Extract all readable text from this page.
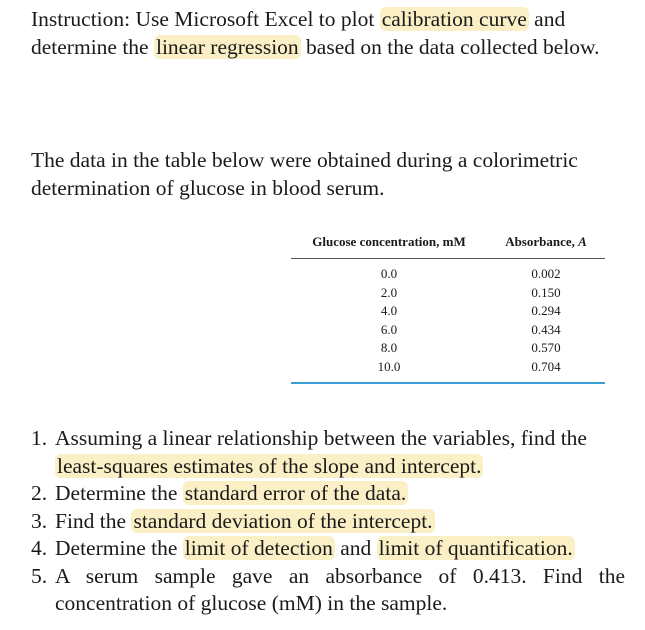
Instruction: Use Microsoft Excel to plot calibration curve and determine the linear regression based on the data collected below.
The data in the table below were obtained during a colorimetric determination of glucose in blood serum.
Glucose concentration, mM	Absorbance, A
0.0	0.002
2.0	0.150
4.0	0.294
6.0	0.434
8.0	0.570
10.0	0.704
1. Assuming a linear relationship between the variables, find the least-squares estimates of the slope and intercept.
2. Determine the standard error of the data.
3. Find the standard deviation of the intercept.
4. Determine the limit of detection and limit of quantification.
5. A serum sample gave an absorbance of 0.413. Find the concentration of glucose (mM) in the sample.
